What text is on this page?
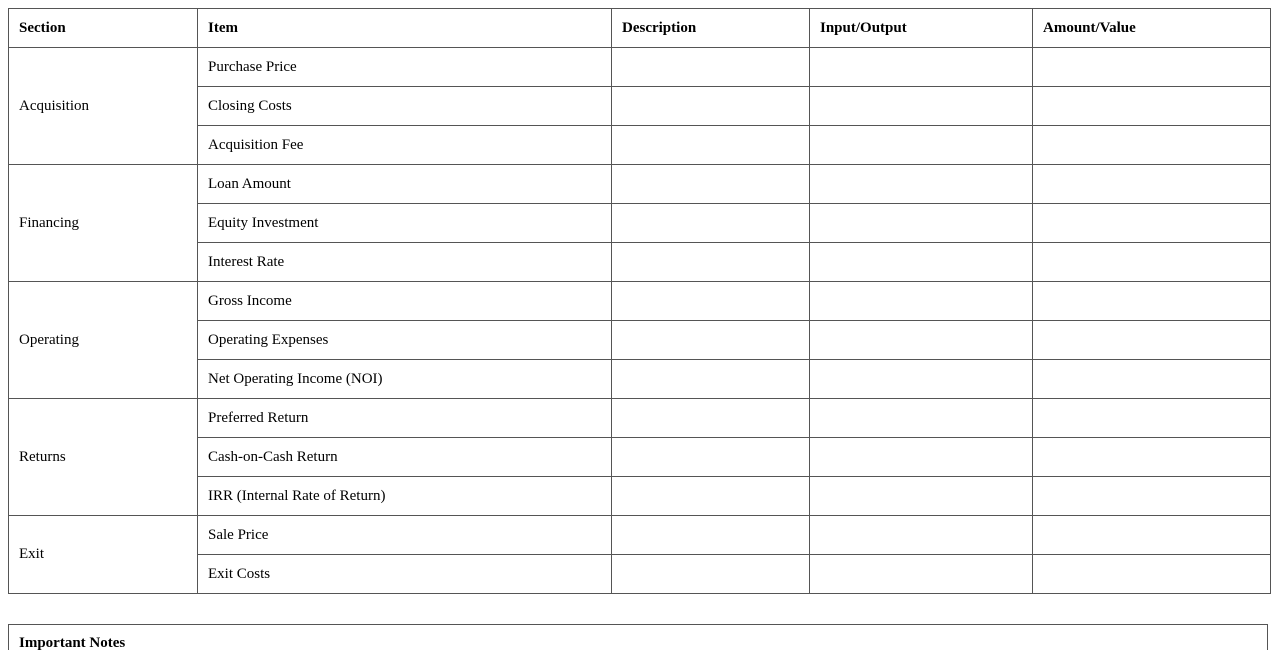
Section	Item	Description	Input/Output	Amount/Value
Acquisition	Purchase Price			
	Closing Costs			
	Acquisition Fee			
Financing	Loan Amount			
	Equity Investment			
	Interest Rate			
Operating	Gross Income			
	Operating Expenses			
	Net Operating Income (NOI)			
Returns	Preferred Return			
	Cash-on-Cash Return			
	IRR (Internal Rate of Return)			
Exit	Sale Price			
	Exit Costs			
Important Notes
